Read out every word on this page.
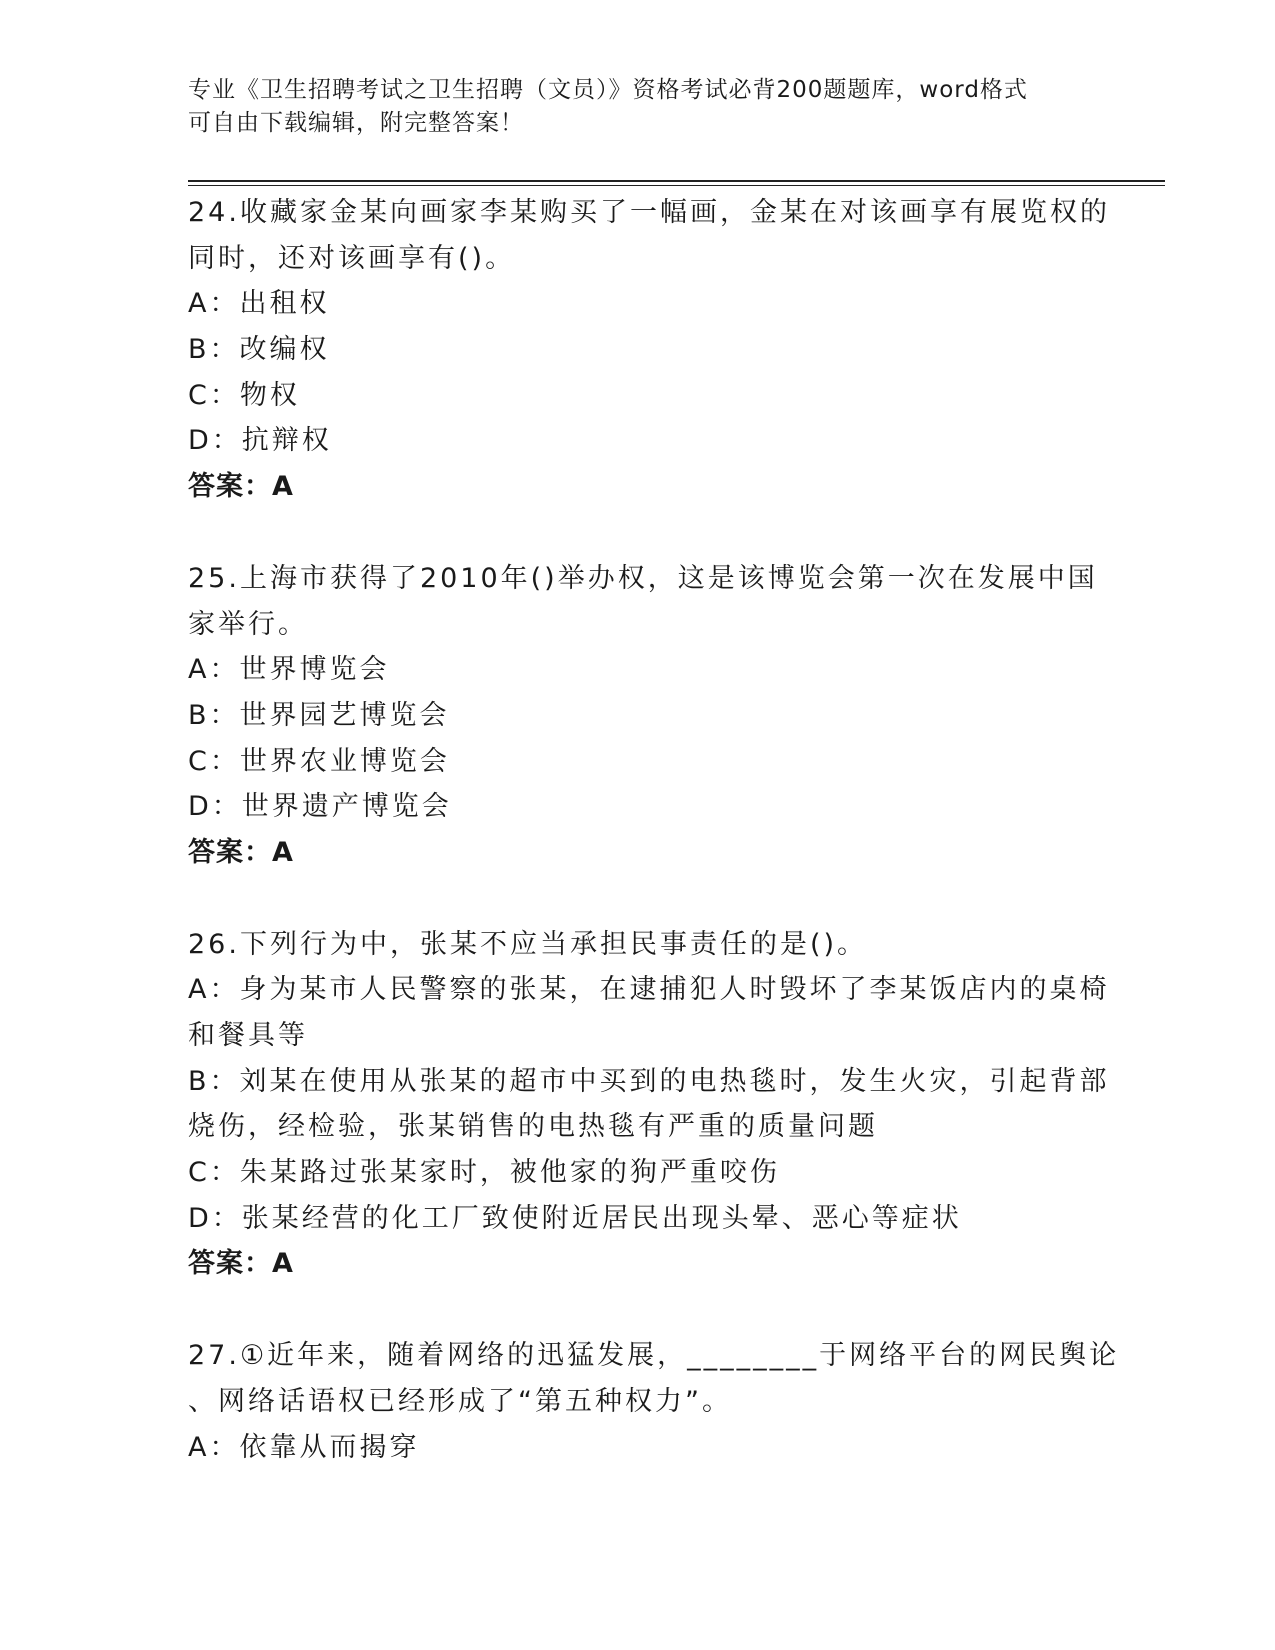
专业《卫生招聘考试之卫生招聘（文员）》资格考试必背200题题库，word格式
可自由下载编辑，附完整答案！
24.收藏家金某向画家李某购买了一幅画，金某在对该画享有展览权的
同时，还对该画享有()。
A：出租权
B：改编权
C：物权
D：抗辩权
答案：A
25.上海市获得了2010年()举办权，这是该博览会第一次在发展中国
家举行。
A：世界博览会
B：世界园艺博览会
C：世界农业博览会
D：世界遗产博览会
答案：A
26.下列行为中，张某不应当承担民事责任的是()。
A：身为某市人民警察的张某，在逮捕犯人时毁坏了李某饭店内的桌椅
和餐具等
B：刘某在使用从张某的超市中买到的电热毯时，发生火灾，引起背部
烧伤，经检验，张某销售的电热毯有严重的质量问题
C：朱某路过张某家时，被他家的狗严重咬伤
D：张某经营的化工厂致使附近居民出现头晕、恶心等症状
答案：A
27.①近年来，随着网络的迅猛发展，________于网络平台的网民舆论
、网络话语权已经形成了“第五种权力”。
A：依靠从而揭穿
